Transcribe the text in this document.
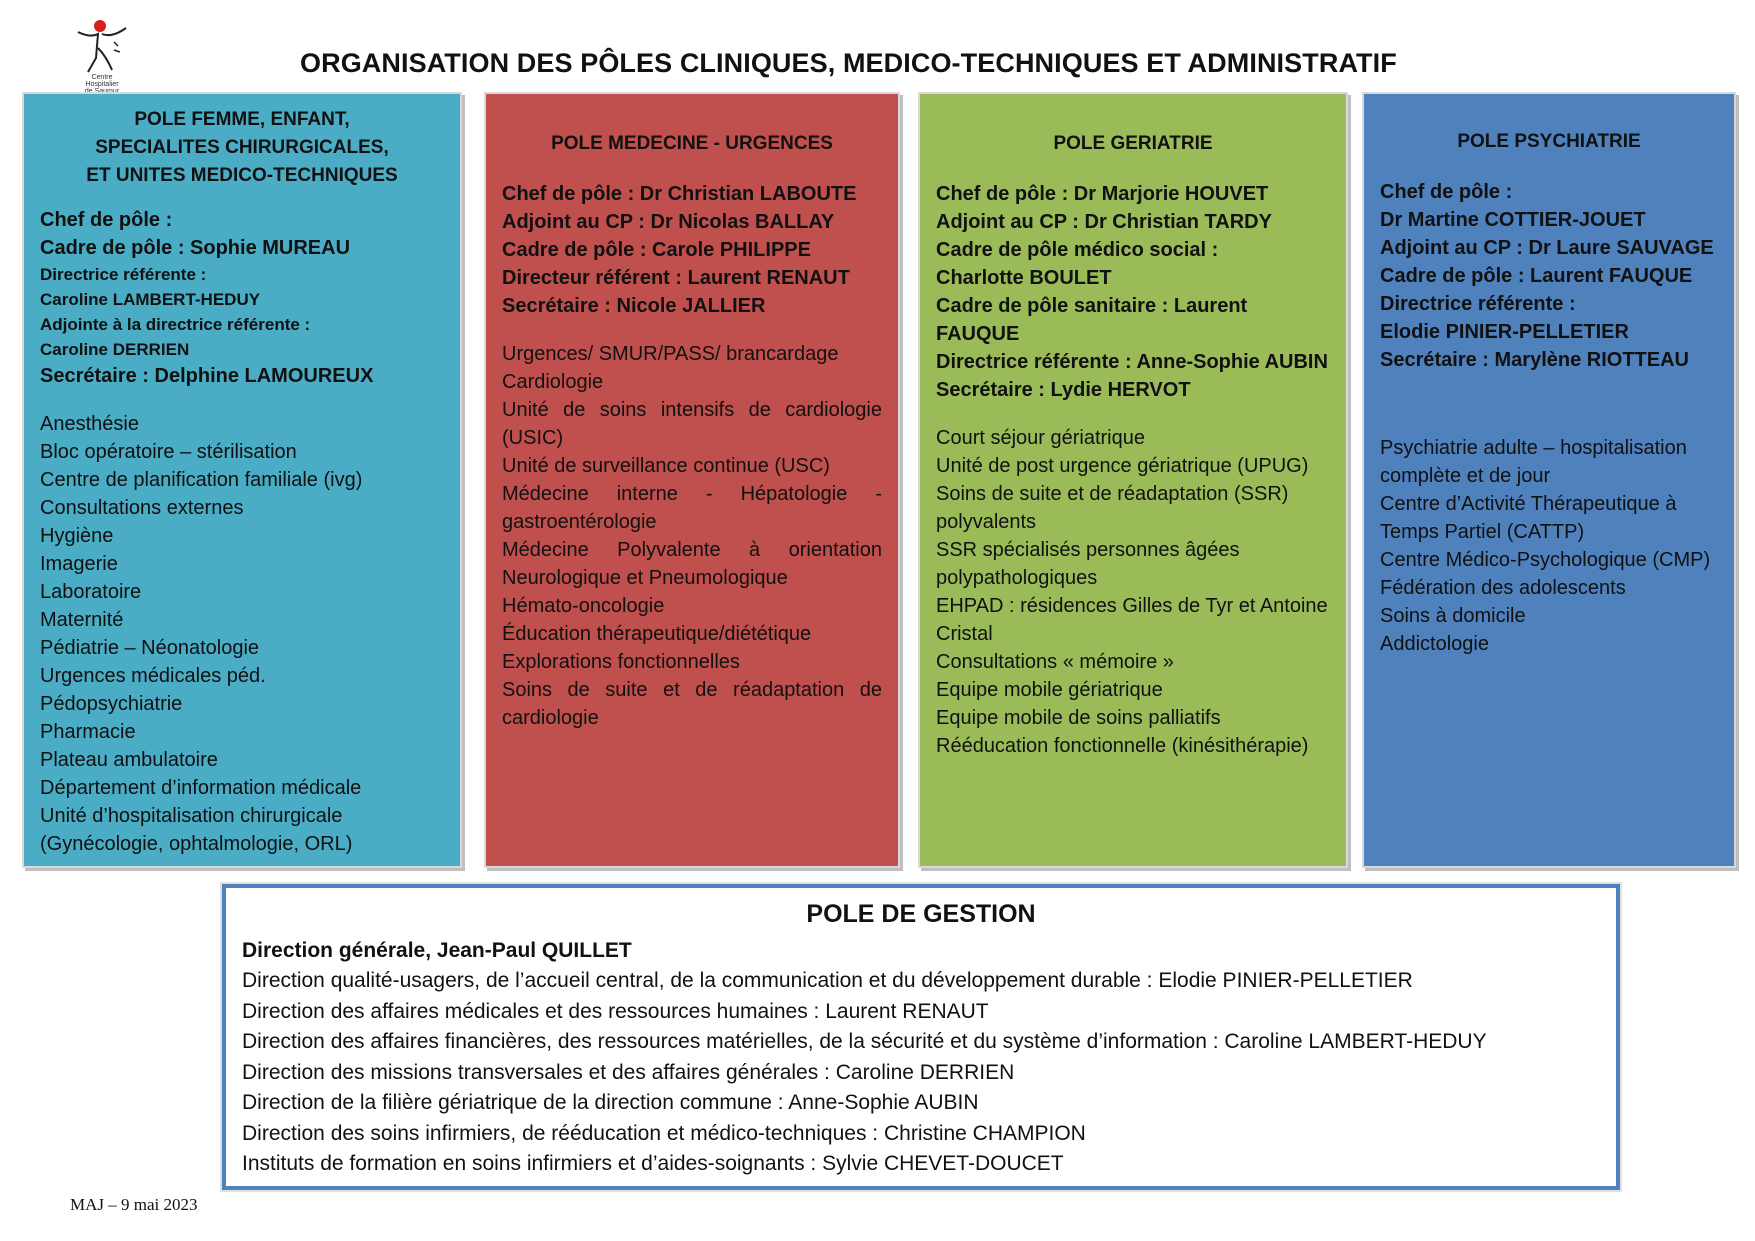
Centre
Hospitalier
ORGANISATION DES PÔLES CLINIQUES, MEDICO-TECHNIQUES ET ADMINISTRATIF
POLE FEMME, ENFANT,
SPECIALITES CHIRURGICALES,
ET UNITES MEDICO-TECHNIQUES
Chef de pôle :
Cadre de pôle : Sophie MUREAU
Directrice référente :
Caroline LAMBERT-HEDUY
Adjointe à la directrice référente :
Caroline DERRIEN
Secrétaire : Delphine LAMOUREUX
Anesthésie
Bloc opératoire – stérilisation
Centre de planification familiale (ivg)
Consultations externes
Hygiène
Imagerie
Laboratoire
Maternité
Pédiatrie – Néonatologie
Urgences médicales péd.
Pédopsychiatrie
Pharmacie
Plateau ambulatoire
Département d’information médicale
Unité d’hospitalisation chirurgicale
(Gynécologie, ophtalmologie, ORL)
POLE MEDECINE - URGENCES
Chef de pôle : Dr Christian LABOUTE
Adjoint au CP : Dr Nicolas BALLAY
Cadre de pôle : Carole PHILIPPE
Directeur référent : Laurent RENAUT
Secrétaire : Nicole JALLIER
Urgences/ SMUR/PASS/ brancardage
Cardiologie
Unité de soins intensifs de cardiologie (USIC)
Unité de surveillance continue (USC)
Médecine interne - Hépatologie - gastroentérologie
Médecine Polyvalente à orientation Neurologique et Pneumologique
Hémato-oncologie
Éducation thérapeutique/diététique
Explorations fonctionnelles
Soins de suite et de réadaptation de cardiologie
POLE GERIATRIE
Chef de pôle : Dr Marjorie HOUVET
Adjoint au CP : Dr Christian TARDY
Cadre de pôle médico social :
Charlotte BOULET
Cadre de pôle sanitaire : Laurent FAUQUE
Directrice référente : Anne-Sophie AUBIN
Secrétaire : Lydie HERVOT
Court séjour gériatrique
Unité de post urgence gériatrique (UPUG)
Soins de suite et de réadaptation (SSR) polyvalents
SSR spécialisés personnes âgées polypathologiques
EHPAD : résidences Gilles de Tyr et Antoine Cristal
Consultations « mémoire »
Equipe mobile gériatrique
Equipe mobile de soins palliatifs
Rééducation fonctionnelle (kinésithérapie)
POLE PSYCHIATRIE
Chef de pôle :
Dr Martine COTTIER-JOUET
Adjoint au CP : Dr Laure SAUVAGE
Cadre de pôle : Laurent FAUQUE
Directrice référente :
Elodie PINIER-PELLETIER
Secrétaire : Marylène RIOTTEAU
Psychiatrie adulte – hospitalisation complète et de jour
Centre d’Activité Thérapeutique à Temps Partiel (CATTP)
Centre Médico-Psychologique (CMP)
Fédération des adolescents
Soins à domicile
Addictologie
POLE DE GESTION
Direction générale, Jean-Paul QUILLET
Direction qualité-usagers, de l’accueil central, de la communication et du développement durable : Elodie PINIER-PELLETIER
Direction des affaires médicales et des ressources humaines : Laurent RENAUT
Direction des affaires financières, des ressources matérielles, de la sécurité et du système d’information : Caroline LAMBERT-HEDUY
Direction des missions transversales et des affaires générales : Caroline DERRIEN
Direction de la filière gériatrique de la direction commune : Anne-Sophie AUBIN
Direction des soins infirmiers, de rééducation et médico-techniques : Christine CHAMPION
Instituts de formation en soins infirmiers et d’aides-soignants : Sylvie CHEVET-DOUCET
MAJ – 9 mai 2023
